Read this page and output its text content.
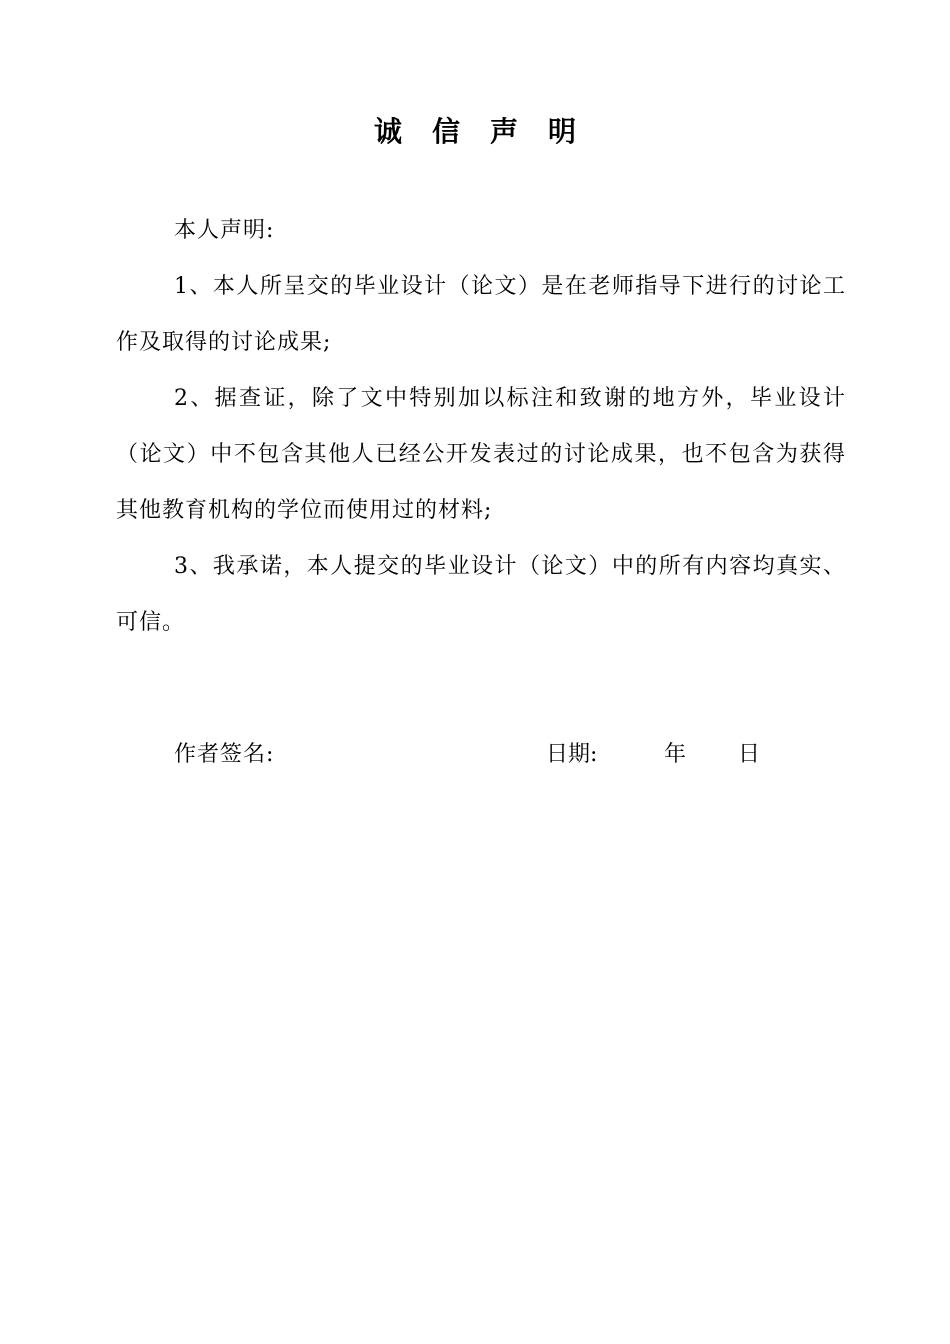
诚信声明

本人声明:

1、本人所呈交的毕业设计（论文）是在老师指导下进行的讨论工作及取得的讨论成果;

2、据查证，除了文中特别加以标注和致谢的地方外，毕业设计（论文）中不包含其他人已经公开发表过的讨论成果，也不包含为获得其他教育机构的学位而使用过的材料;

3、我承诺，本人提交的毕业设计（论文）中的所有内容均真实、可信。

作者签名:	日期:	年 日
